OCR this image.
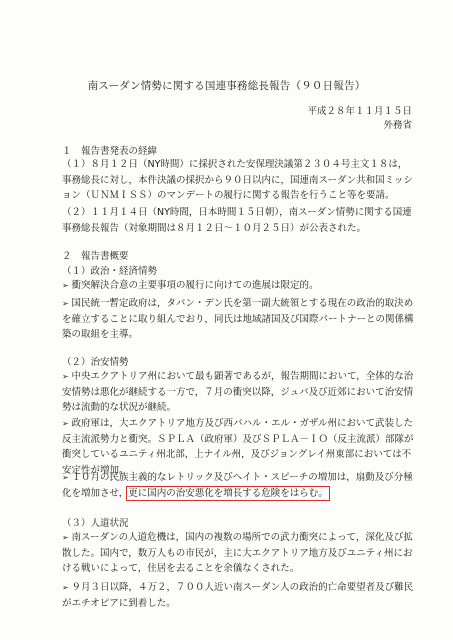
南スーダン情勢に関する国連事務総長報告（９０日報告）
平成２８年１１月１５日
外務省
１　報告書発表の経緯
（１）８月１２日（NY時間）に採択された安保理決議第２３０４号主文１８は，事務総長に対し，本件決議の採択から９０日以内に，国連南スーダン共和国ミッション（ＵＮＭＩＳＳ）のマンデートの履行に関する報告を行うこと等を要請。
（２）１１月１４日（NY時間，日本時間１５日朝），南スーダン情勢に関する国連事務総長報告（対象期間は８月１２日～１０月２５日）が公表された。
２　報告書概要
（１）政治・経済情勢
➢ 衝突解決合意の主要事項の履行に向けての進展は限定的。
➢ 国民統一暫定政府は，タバン・デン氏を第一副大統領とする現在の政治的取決めを確立することに取り組んでおり，同氏は地域諸国及び国際パートナーとの関係構築の取組を主導。
（２）治安情勢
➢ 中央エクアトリア州において最も顕著であるが，報告期間において，全体的な治安情勢は悪化が継続する一方で，７月の衝突以降，ジュバ及び近郊において治安情勢は流動的な状況が継続。
➢ 政府軍は，大エクアトリア地方及び西バハル・エル・ガザル州において武装した反主流派勢力と衝突。ＳＰＬＡ（政府軍）及びＳＰＬＡ－ＩＯ（反主流派）部隊が衝突しているユニティ州北部，上ナイル州，及びジョングレイ州東部においては不安定性が増加。
➢ １０月の民族主義的なレトリック及びヘイト・スピーチの増加は，扇動及び分極化を増加させ，更に国内の治安悪化を増長する危険をはらむ。
（３）人道状況
➢ 南スーダンの人道危機は，国内の複数の場所での武力衝突によって，深化及び拡散した。国内で，数万人もの市民が，主に大エクアトリア地方及びユニティ州における戦いによって，住居を去ることを余儀なくされた。
➢ ９月３日以降，４万２，７００人近い南スーダン人の政治的亡命要望者及び難民がエチオピアに到着した。
